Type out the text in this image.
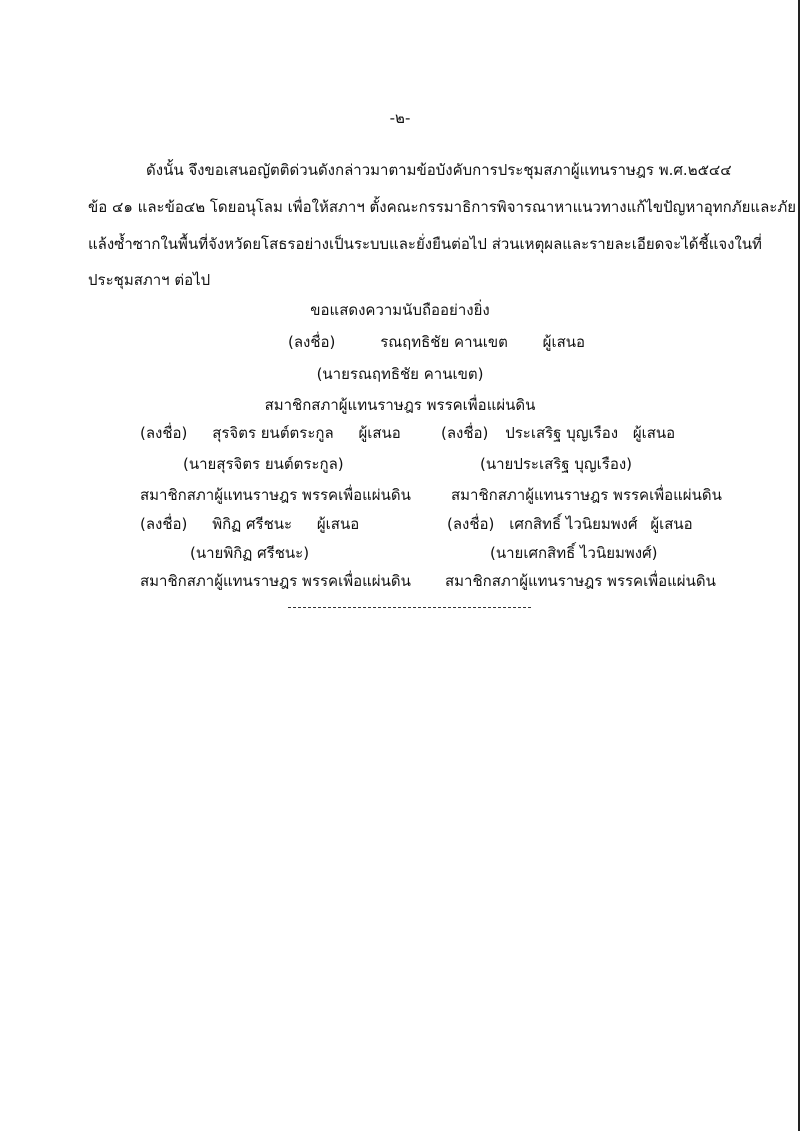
-๒-
ดังนั้น จึงขอเสนอญัตติด่วนดังกล่าวมาตามข้อบังคับการประชุมสภาผู้แทนราษฎร พ.ศ.๒๕๔๔
ข้อ ๔๑ และข้อ๔๒ โดยอนุโลม เพื่อให้สภาฯ ตั้งคณะกรรมาธิการพิจารณาหาแนวทางแก้ไขปัญหาอุทกภัยและภัย
แล้งซ้ำซากในพื้นที่จังหวัดยโสธรอย่างเป็นระบบและยั่งยืนต่อไป ส่วนเหตุผลและรายละเอียดจะได้ชี้แจงในที่
ประชุมสภาฯ ต่อไป
ขอแสดงความนับถืออย่างยิ่ง
(ลงชื่อ)	รณฤทธิชัย คานเขต ผู้เสนอ
(นายรณฤทธิชัย คานเขต)
สมาชิกสภาผู้แทนราษฎร พรรคเพื่อแผ่นดิน
(ลงชื่อ) สุรจิตร ยนต์ตระกูล ผู้เสนอ
(นายสุรจิตร ยนต์ตระกูล)
สมาชิกสภาผู้แทนราษฎร พรรคเพื่อแผ่นดิน
(ลงชื่อ) ประเสริฐ บุญเรือง ผู้เสนอ
(นายประเสริฐ บุญเรือง)
สมาชิกสภาผู้แทนราษฎร พรรคเพื่อแผ่นดิน
(ลงชื่อ) พิกิฏ ศรีชนะ ผู้เสนอ
(นายพิกิฏ ศรีชนะ)
สมาชิกสภาผู้แทนราษฎร พรรคเพื่อแผ่นดิน
(ลงชื่อ) เศกสิทธิ์ ไวนิยมพงศ์ ผู้เสนอ
(นายเศกสิทธิ์ ไวนิยมพงศ์)
สมาชิกสภาผู้แทนราษฎร พรรคเพื่อแผ่นดิน
